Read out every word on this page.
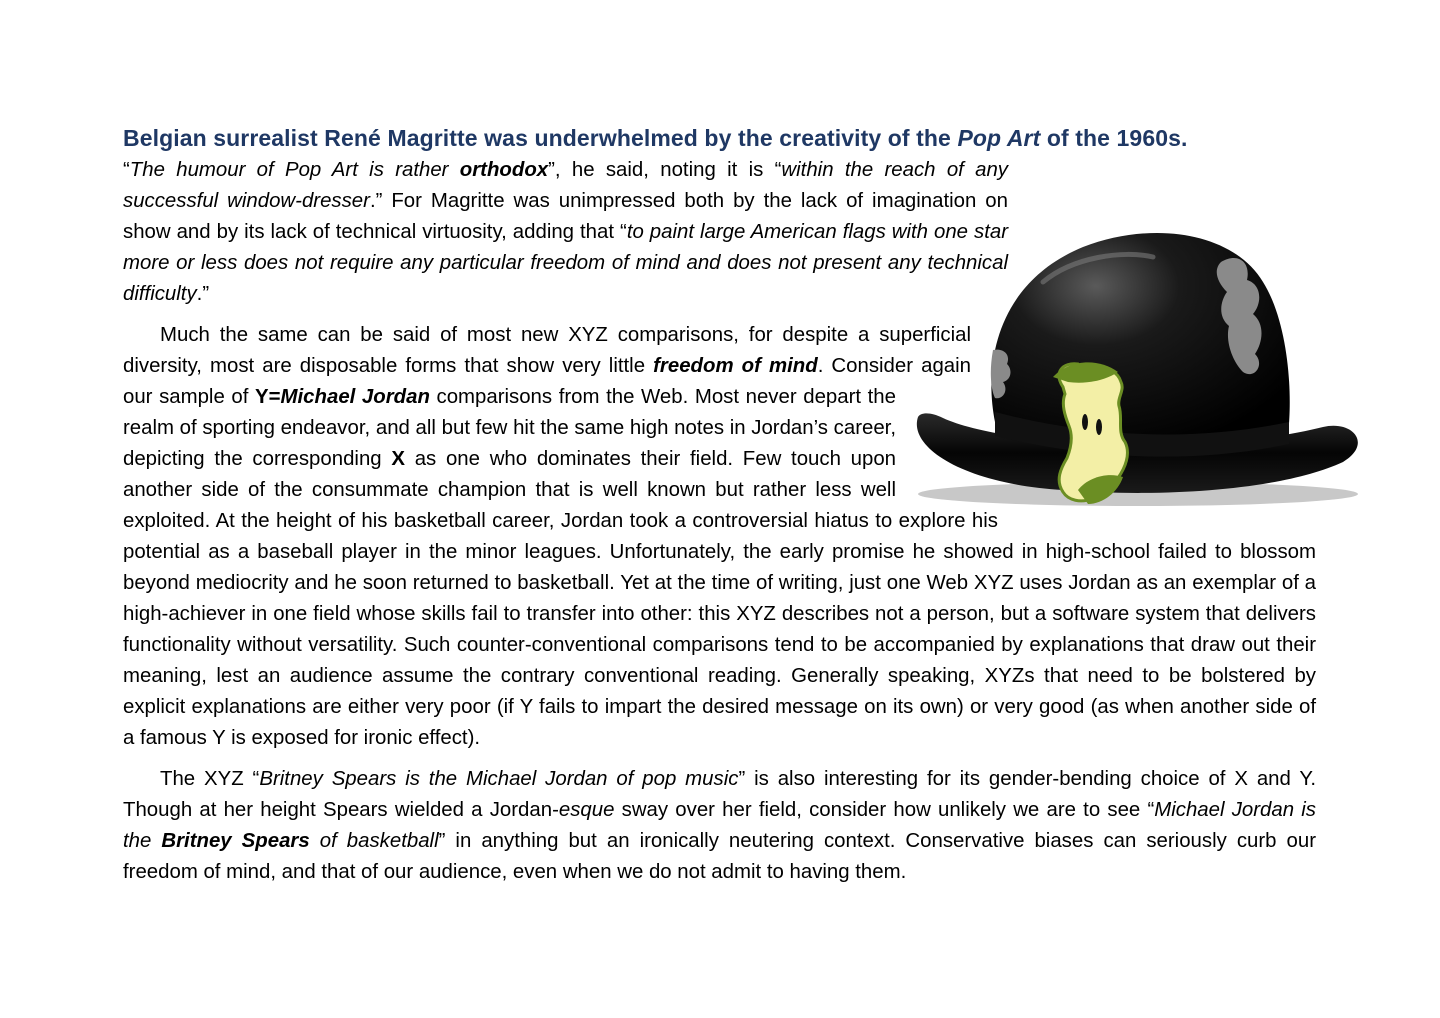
Belgian surrealist René Magritte was underwhelmed by the creativity of the Pop Art of the 1960s.

“The humour of Pop Art is rather orthodox”, he said, noting it is “within the reach of any successful window-dresser.” For Magritte was unimpressed both by the lack of imagination on show and by its lack of technical virtuosity, adding that “to paint large American flags with one star more or less does not require any particular freedom of mind and does not present any technical difficulty.”

Much the same can be said of most new XYZ comparisons, for despite a superficial diversity, most are disposable forms that show very little freedom of mind. Consider again our sample of Y=Michael Jordan comparisons from the Web. Most never depart the realm of sporting endeavor, and all but few hit the same high notes in Jordan’s career, depicting the corresponding X as one who dominates their field. Few touch upon another side of the consummate champion that is well known but rather less well exploited. At the height of his basketball career, Jordan took a controversial hiatus to explore his potential as a baseball player in the minor leagues. Unfortunately, the early promise he showed in high-school failed to blossom beyond mediocrity and he soon returned to basketball. Yet at the time of writing, just one Web XYZ uses Jordan as an exemplar of a high-achiever in one field whose skills fail to transfer into other: this XYZ describes not a person, but a software system that delivers functionality without versatility. Such counter-conventional comparisons tend to be accompanied by explanations that draw out their meaning, lest an audience assume the contrary conventional reading. Generally speaking, XYZs that need to be bolstered by explicit explanations are either very poor (if Y fails to impart the desired message on its own) or very good (as when another side of a famous Y is exposed for ironic effect).

The XYZ “Britney Spears is the Michael Jordan of pop music” is also interesting for its gender-bending choice of X and Y. Though at her height Spears wielded a Jordan-esque sway over her field, consider how unlikely we are to see “Michael Jordan is the Britney Spears of basketball” in anything but an ironically neutering context. Conservative biases can seriously curb our freedom of mind, and that of our audience, even when we do not admit to having them.
